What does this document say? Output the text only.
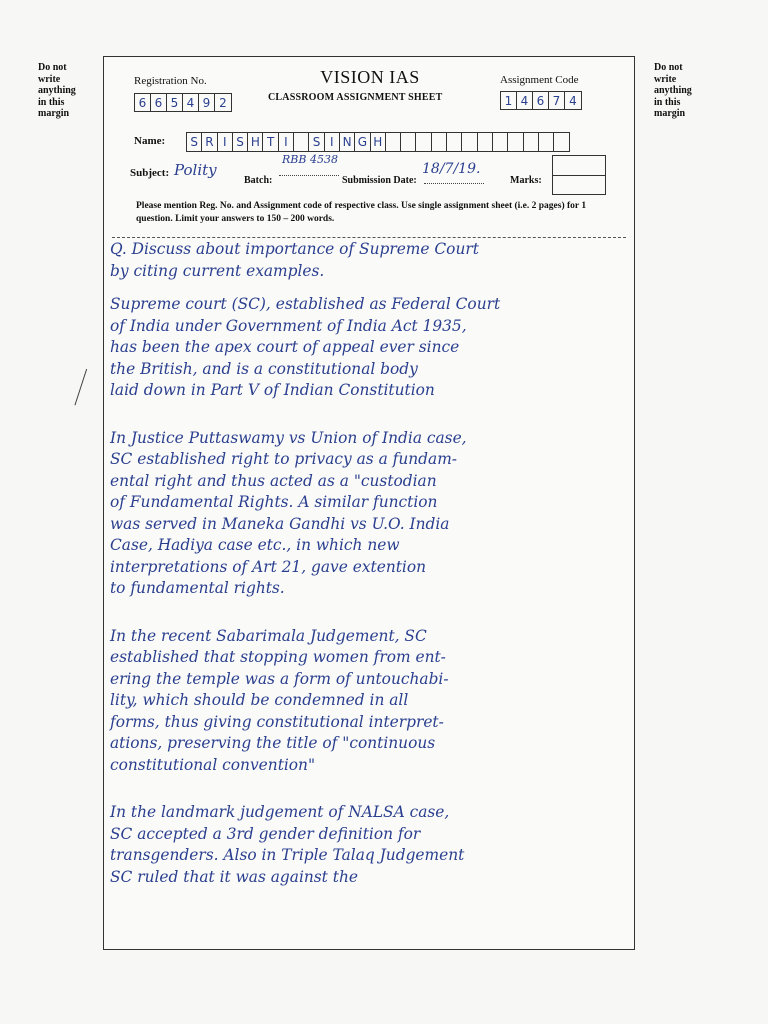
Do not
write
anything
in this
margin
Do not
write
anything
in this
margin
Registration No.
6 6 5 4 9 2
VISION IAS
CLASSROOM ASSIGNMENT SHEET
Assignment Code
1 4 6 7 4
Name: S R I S H T I	S I N G H
Subject: Polity
Batch:
RBB 4538
Submission Date:
18/7/19.
Marks:
Please mention Reg. No. and Assignment code of respective class. Use single assignment sheet (i.e. 2 pages) for 1 question. Limit your answers to 150 – 200 words.
Q. Discuss about importance of Supreme Court
by citing current examples.
Supreme court (SC), established as Federal Court
of India under Government of India Act 1935,
has been the apex court of appeal ever since
the British, and is a constitutional body
laid down in Part V of Indian Constitution
In Justice Puttaswamy vs Union of India case,
SC established right to privacy as a fundam-
ental right and thus acted as a "custodian
of Fundamental Rights. A similar function
was served in Maneka Gandhi vs U.O. India
Case, Hadiya case etc., in which new
interpretations of Art 21, gave extention
to fundamental rights.
In the recent Sabarimala Judgement, SC
established that stopping women from ent-
ering the temple was a form of untouchabi-
lity, which should be condemned in all
forms, thus giving constitutional interpret-
ations, preserving the title of "continuous
constitutional convention"
In the landmark judgement of NALSA case,
SC accepted a 3rd gender definition for
transgenders. Also in Triple Talaq Judgement
SC ruled that it was against the
